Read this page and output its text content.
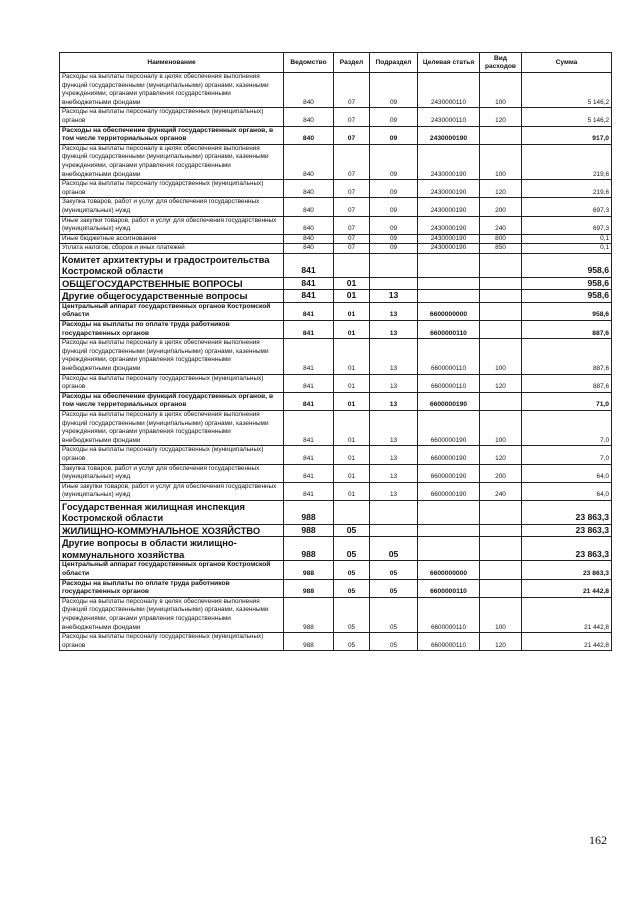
Наименование	Ведомство	Раздел	Подраздел	Целевая статья	Вид расходов	Сумма
Расходы на выплаты персоналу в целях обеспечения выполнения функций государственными (муниципальными) органами, казенными учреждениями, органами управления государственными внебюджетными фондами	840	07	09	2430000110	100	5 146,2
Расходы на выплаты персоналу государственных (муниципальных) органов	840	07	09	2430000110	120	5 146,2
Расходы на обеспечение функций государственных органов, в том числе территориальных органов	840	07	09	2430000190		917,0
Расходы на выплаты персоналу в целях обеспечения выполнения функций государственными (муниципальными) органами, казенными учреждениями, органами управления государственными внебюджетными фондами	840	07	09	2430000190	100	219,6
Расходы на выплаты персоналу государственных (муниципальных) органов	840	07	09	2430000190	120	219,6
Закупка товаров, работ и услуг для обеспечения государственных (муниципальных) нужд	840	07	09	2430000190	200	697,3
Иные закупки товаров, работ и услуг для обеспечения государственных (муниципальных) нужд	840	07	09	2430000190	240	697,3
Иные бюджетные ассигнования	840	07	09	2430000190	800	0,1
Уплата налогов, сборов и иных платежей	840	07	09	2430000190	850	0,1
Комитет архитектуры и градостроительства Костромской области	841					958,6
ОБЩЕГОСУДАРСТВЕННЫЕ ВОПРОСЫ	841	01				958,6
Другие общегосударственные вопросы	841	01	13			958,6
Центральный аппарат государственных органов Костромской области	841	01	13	6600000000		958,6
Расходы на выплаты по оплате труда работников государственных органов	841	01	13	6600000110		887,6
Расходы на выплаты персоналу в целях обеспечения выполнения функций государственными (муниципальными) органами, казенными учреждениями, органами управления государственными внебюджетными фондами	841	01	13	6600000110	100	887,6
Расходы на выплаты персоналу государственных (муниципальных) органов	841	01	13	6600000110	120	887,6
Расходы на обеспечение функций государственных органов, в том числе территориальных органов	841	01	13	6600000190		71,0
Расходы на выплаты персоналу в целях обеспечения выполнения функций государственными (муниципальными) органами, казенными учреждениями, органами управления государственными внебюджетными фондами	841	01	13	6600000190	100	7,0
Расходы на выплаты персоналу государственных (муниципальных) органов	841	01	13	6600000190	120	7,0
Закупка товаров, работ и услуг для обеспечения государственных (муниципальных) нужд	841	01	13	6600000190	200	64,0
Иные закупки товаров, работ и услуг для обеспечения государственных (муниципальных) нужд	841	01	13	6600000190	240	64,0
Государственная жилищная инспекция Костромской области	988					23 863,3
ЖИЛИЩНО-КОММУНАЛЬНОЕ ХОЗЯЙСТВО	988	05				23 863,3
Другие вопросы в области жилищно-коммунального хозяйства	988	05	05			23 863,3
Центральный аппарат государственных органов Костромской области	988	05	05	6600000000		23 863,3
Расходы на выплаты по оплате труда работников государственных органов	988	05	05	6600000110		21 442,8
Расходы на выплаты персоналу в целях обеспечения выполнения функций государственными (муниципальными) органами, казенными учреждениями, органами управления государственными внебюджетными фондами	988	05	05	6600000110	100	21 442,8
Расходы на выплаты персоналу государственных (муниципальных) органов	988	05	05	6600000110	120	21 442,8
162
